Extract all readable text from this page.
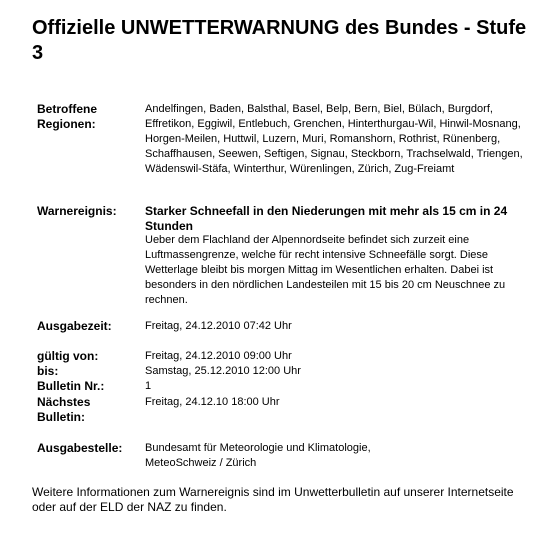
Offizielle UNWETTERWARNUNG des Bundes - Stufe 3
Betroffene Regionen:
Andelfingen, Baden, Balsthal, Basel, Belp, Bern, Biel, Bülach, Burgdorf, Effretikon, Eggiwil, Entlebuch, Grenchen, Hinterthurgau-Wil, Hinwil-Mosnang, Horgen-Meilen, Huttwil, Luzern, Muri, Romanshorn, Rothrist, Rünenberg, Schaffhausen, Seewen, Seftigen, Signau, Steckborn, Trachselwald, Triengen, Wädenswil-Stäfa, Winterthur, Würenlingen, Zürich, Zug-Freiamt
Warnereignis:	Starker Schneefall in den Niederungen mit mehr als 15 cm in 24 Stunden
Ueber dem Flachland der Alpennordseite befindet sich zurzeit eine Luftmassengrenze, welche für recht intensive Schneefälle sorgt. Diese Wetterlage bleibt bis morgen Mittag im Wesentlichen erhalten. Dabei ist besonders in den nördlichen Landesteilen mit 15 bis 20 cm Neuschnee zu rechnen.
Ausgabezeit:	Freitag, 24.12.2010 07:42 Uhr
gültig von:	Freitag, 24.12.2010 09:00 Uhr
bis:	Samstag, 25.12.2010 12:00 Uhr
Bulletin Nr.:	1
Nächstes Bulletin:
Freitag, 24.12.10 18:00 Uhr
Ausgabestelle:	Bundesamt für Meteorologie und Klimatologie,
MeteoSchweiz / Zürich
Weitere Informationen zum Warnereignis sind im Unwetterbulletin auf unserer Internetseite oder auf der ELD der NAZ zu finden.
